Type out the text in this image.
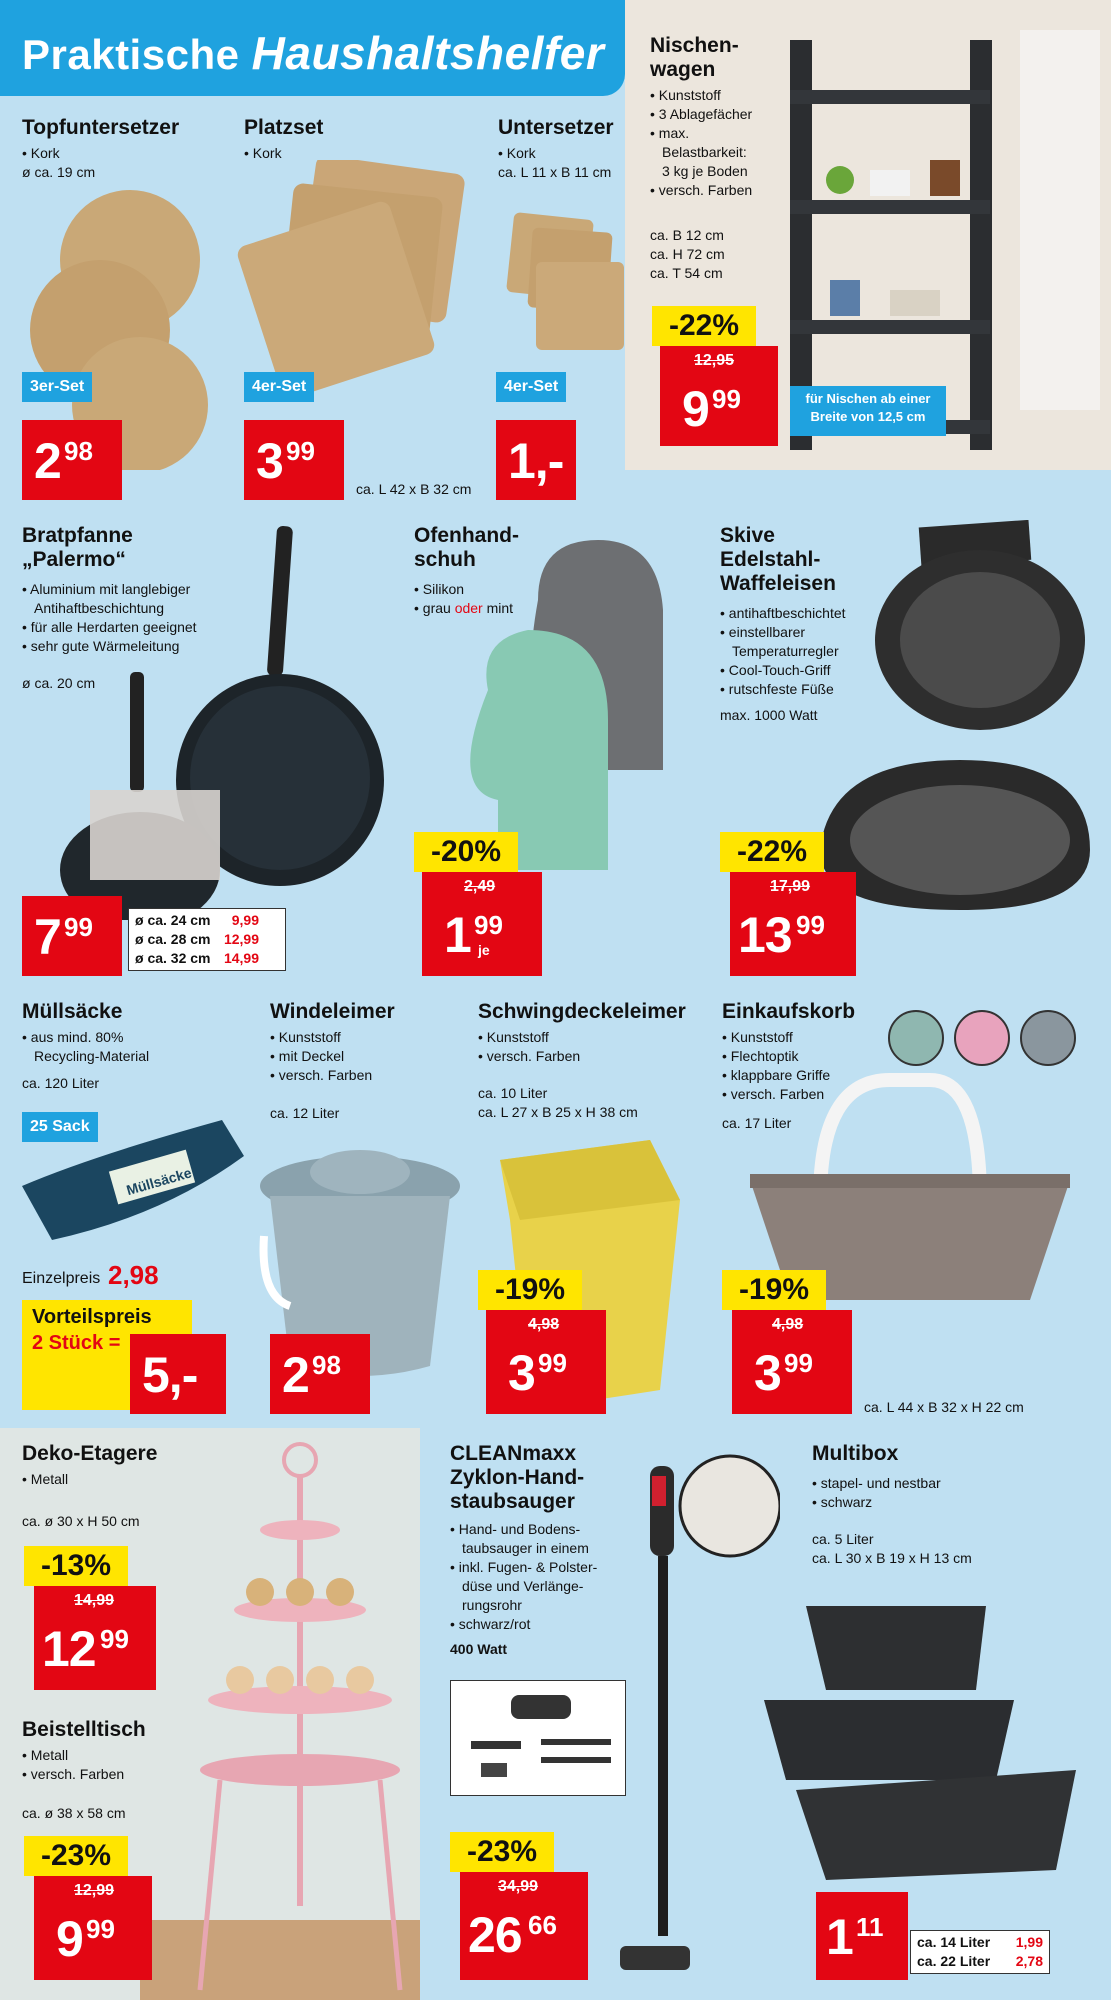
Praktische Haushaltshelfer Nischen-
wagen
• Kunststoff
• 3 Ablagefächer
• max.
Belastbarkeit:
3 kg je Boden
• versch. Farben
ca. B 12 cm
ca. H 72 cm
ca. T 54 cm
-22%
12,95
9 99	für Nischen ab einer
Breite von 12,5 cm
Topfuntersetzer
• Kork
ø ca. 19 cm
3er-Set
2 98
Platzset
• Kork
4er-Set
3 99
ca. L 42 x B 32 cm
Untersetzer
• Kork
ca. L 11 x B 11 cm
4er-Set
1,-
Bratpfanne
„Palermo“
• Aluminium mit langlebiger
Antihaftbeschichtung
• für alle Herdarten geeignet
• sehr gute Wärmeleitung
ø ca. 20 cm
7 99	ø ca. 24 cm 9,99
ø ca. 28 cm 12,99
ø ca. 32 cm 14,99
Ofenhand-
schuh
• Silikon
• grau oder mint
-20%
2,49
1 99
je
Skive
Edelstahl-
Waffeleisen
• antihaftbeschichtet
• einstellbarer
Temperaturregler
• Cool-Touch-Griff
• rutschfeste Füße
max. 1000 Watt
-22%
17,99
13 99
Müllsäcke
• aus mind. 80%
Recycling-Material
ca. 120 Liter
25 Sack
Müllsäcke
Einzelpreis 2,98
Vorteilspreis
2 Stück =
5,-
Windeleimer
• Kunststoff
• mit Deckel
• versch. Farben
ca. 12 Liter
2 98
Schwingdeckeleimer
• Kunststoff
• versch. Farben
ca. 10 Liter
ca. L 27 x B 25 x H 38 cm
-19%
4,98
3 99
Einkaufskorb
• Kunststoff
• Flechtoptik
• klappbare Griffe
• versch. Farben
ca. 17 Liter
-19%
4,98
3 99
ca. L 44 x B 32 x H 22 cm
Deko-Etagere
• Metall
ca. ø 30 x H 50 cm
-13%
14,99
12 99
Beistelltisch
• Metall
• versch. Farben
ca. ø 38 x 58 cm
-23%
12,99
9 99
CLEANmaxx
Zyklon-Hand-
staubsauger
• Hand- und Bodens-
taubsauger in einem
• inkl. Fugen- & Polster-
düse und Verlänge-
rungsrohr
• schwarz/rot
400 Watt
-23%
34,99
26 66
Multibox
• stapel- und nestbar
• schwarz
ca. 5 Liter
ca. L 30 x B 19 x H 13 cm
1 11 ca. 14 Liter 1,99
ca. 22 Liter 2,78
